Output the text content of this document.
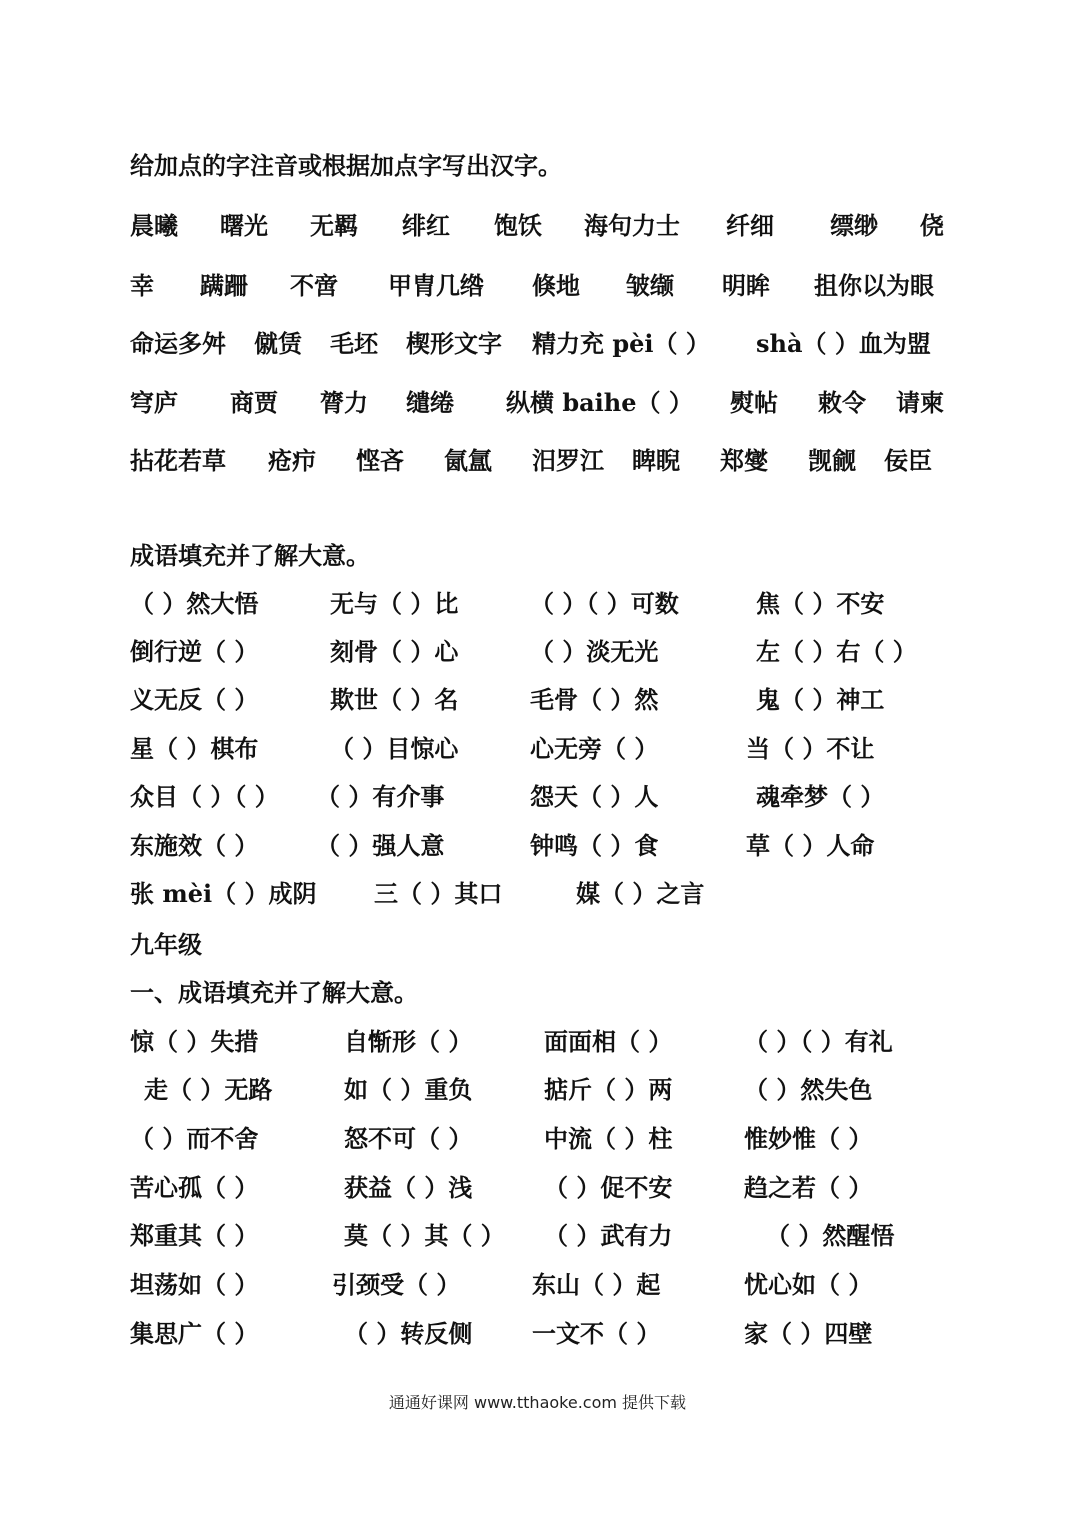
给加点的字注音或根据加点字写出汉字。
晨曦 曙光 无羁 绯红 饱饫 海句力士 纤细 缥缈 侥
幸 蹒跚 不啻 甲胄几绺 倏地 皱缬 明眸 抯你以为眼
命运多舛 僦赁 毛坯 楔形文字 精力充 pèi（ ） shà（ ）血为盟
穹庐 商贾 膂力 缱绻 纵横 baihe（ ） 熨帖 敕令 请柬
拈花若草 疮疖 悭吝 氤氲 汨罗江 睥睨 郑燮 觊觎 佞臣
成语填充并了解大意。
（ ）然大悟	无与（ ）比	（ ）（ ）可数	焦（ ）不安
倒行逆（ ）	刻骨（ ）心	（ ）淡无光	左（ ）右（ ）
义无反（ ）	欺世（ ）名	毛骨（ ）然	鬼（ ）神工
星（ ）棋布	（ ）目惊心	心无旁（ ）	当（ ）不让
众目（ ）（ ） （ ）有介事	怨天（ ）人	魂牵梦（ ）
东施效（ ） （ ）强人意	钟鸣（ ）食	草（ ）人命
张 mèi（ ）成阴 三（ ）其口	媒（ ）之言
九年级
一、成语填充并了解大意。
惊（ ）失措	自惭形（ ）	面面相（ ）	（ ）（ ）有礼
走（ ）无路	如（ ）重负	掂斤（ ）两	（ ）然失色
（ ）而不舍	怒不可（ ）	中流（ ）柱	惟妙惟（ ）
苦心孤（ ）	获益（ ）浅	（ ）促不安	趋之若（ ）
郑重其（ ）	莫（ ）其（ ） （ ）武有力	（ ）然醒悟
坦荡如（ ）	引颈受（ ）	东山（ ）起	忧心如（ ）
集思广（ ）	（ ）转反侧 一文不（ ）	家（ ）四壁
通通好课网 www.tthaoke.com 提供下载
